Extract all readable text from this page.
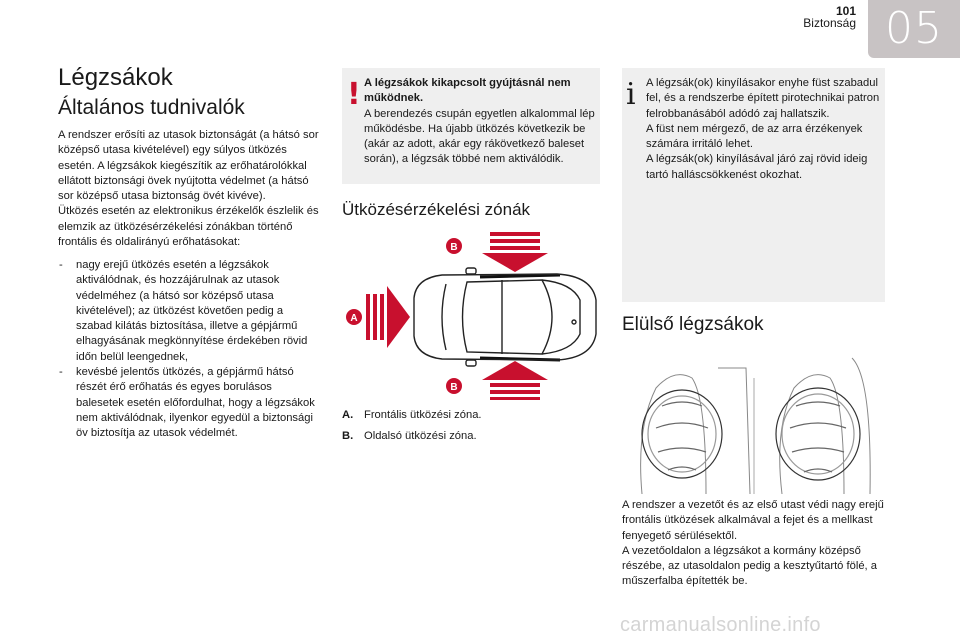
101
Biztonság 05
Légzsákok
Általános tudnivalók
A rendszer erősíti az utasok biztonságát (a hátsó sor középső utasa kivételével) egy súlyos ütközés esetén. A légzsákok kiegészítik az erőhatárolókkal ellátott biztonsági övek nyújtotta védelmet (a hátsó sor középső utasa biztonság övét kivéve).
Ütközés esetén az elektronikus érzékelők észlelik és elemzik az ütközésérzékelési zónákban történő frontális és oldalirányú erőhatásokat:
- nagy erejű ütközés esetén a légzsákok aktiválódnak, és hozzájárulnak az utasok védelméhez (a hátsó sor középső utasa kivételével); az ütközést követően pedig a szabad kilátás biztosítása, illetve a gépjármű elhagyásának megkönnyítése érdekében rövid időn belül leengednek,
- kevésbé jelentős ütközés, a gépjármű hátsó részét érő erőhatás és egyes borulásos balesetek esetén előfordulhat, hogy a légzsákok nem aktiválódnak, ilyenkor egyedül a biztonsági öv biztosítja az utasok védelmét.
! A légzsákok kikapcsolt gyújtásnál nem működnek.
A berendezés csupán egyetlen alkalommal lép működésbe. Ha újabb ütközés következik be (akár az adott, akár egy rákövetkező baleset során), a légzsák többé nem aktiválódik.
Ütközésérzékelési zónák
B
A
B
A. Frontális ütközési zóna.
B. Oldalsó ütközési zóna.
i A légzsák(ok) kinyílásakor enyhe füst szabadul fel, és a rendszerbe épített pirotechnikai patron felrobbanásából adódó zaj hallatszik.
A füst nem mérgező, de az arra érzékenyek számára irritáló lehet.
A légzsák(ok) kinyílásával járó zaj rövid ideig tartó halláscsökkenést okozhat.
Elülső légzsákok
A rendszer a vezetőt és az első utast védi nagy erejű frontális ütközések alkalmával a fejet és a mellkast fenyegető sérülésektől.
A vezetőoldalon a légzsákot a kormány középső részébe, az utasoldalon pedig a kesztyűtartó fölé, a műszerfalba építették be.
carmanualsonline.info
